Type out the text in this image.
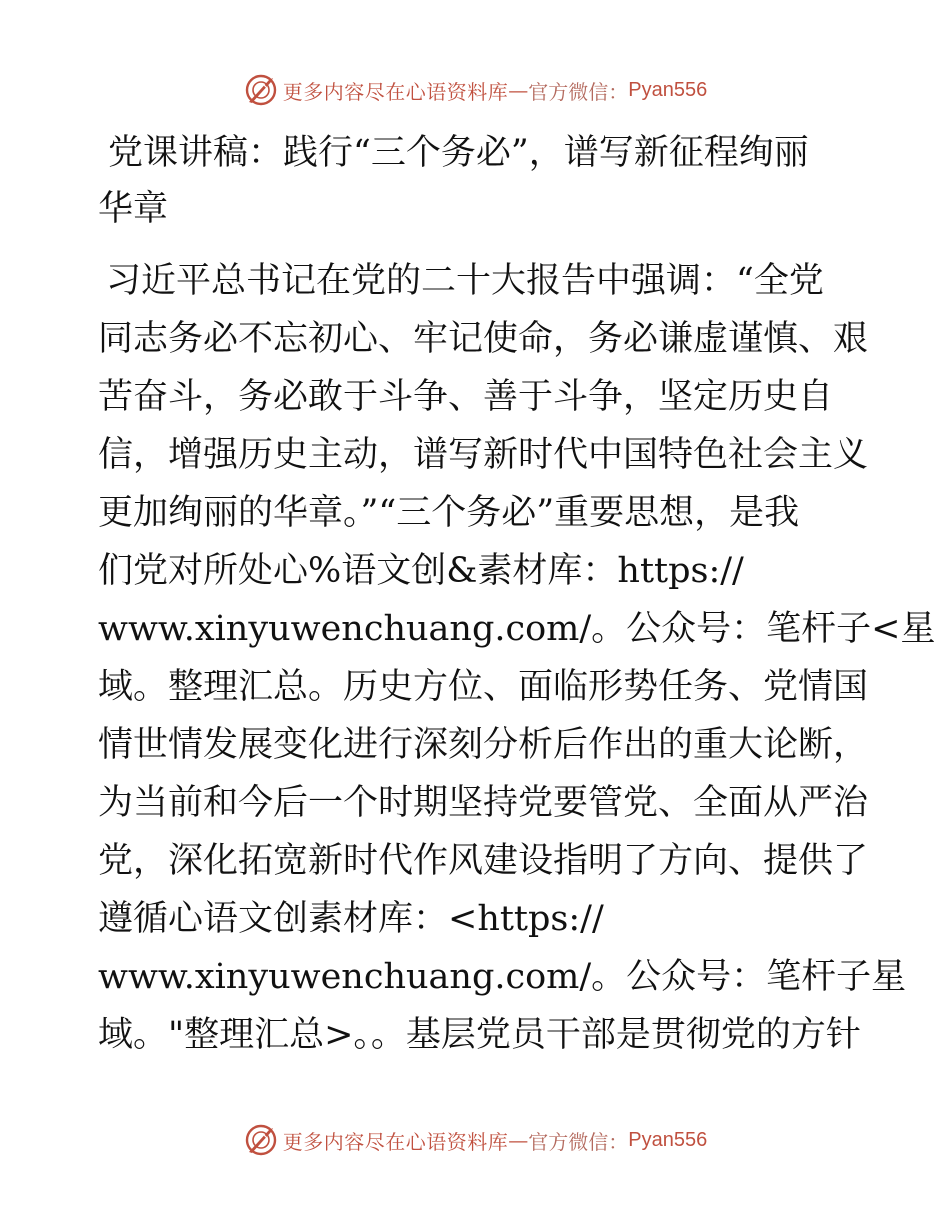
更多内容尽在心语资料库 — 官方微信： Pyan556
党课讲稿：践行“三个务必”，谱写新征程绚丽
华章
习近平总书记在党的二十大报告中强调：“全党
同志务必不忘初心、牢记使命，务必谦虚谨慎、艰
苦奋斗，务必敢于斗争、善于斗争，坚定历史自
信，增强历史主动，谱写新时代中国特色社会主义
更加绚丽的华章。”“三个务必”重要思想，是我
们党对所处心%语文创&素材库：https://
www.xinyuwenchuang.com/。公众号：笔杆子<星
域。整理汇总。历史方位、面临形势任务、党情国
情世情发展变化进行深刻分析后作出的重大论断，
为当前和今后一个时期坚持党要管党、全面从严治
党，深化拓宽新时代作风建设指明了方向、提供了
遵循心语文创素材库：<https://
www.xinyuwenchuang.com/。公众号：笔杆子星
域。"整理汇总>。。基层党员干部是贯彻党的方针
更多内容尽在心语资料库 — 官方微信： Pyan556
